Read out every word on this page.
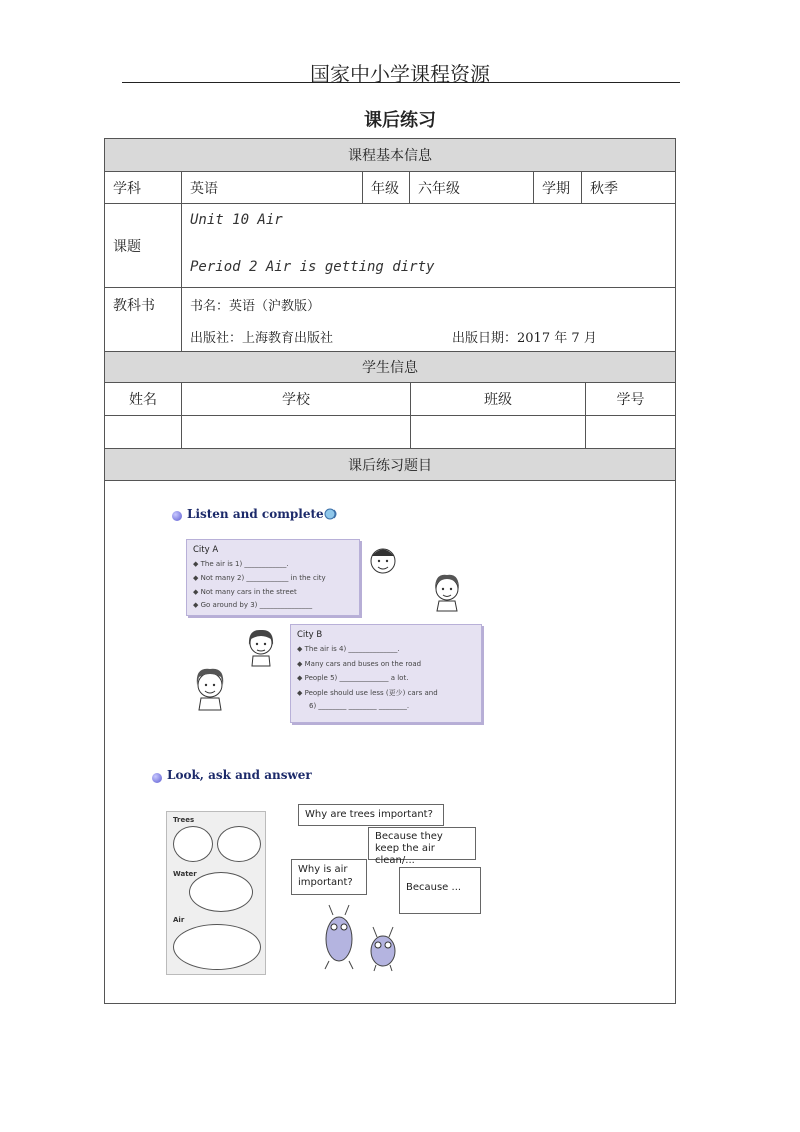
国家中小学课程资源
课后练习
课程基本信息
学科	英语	年级	六年级	学期	秋季
课题
Unit 10 Air
Period 2 Air is getting dirty
教科书	书名：英语（沪教版）
出版社：上海教育出版社	出版日期：2017 年 7 月
学生信息
姓名	学校	班级	学号
课后练习题目
Listen and complete
City A
◆ The air is 1) ____________.
◆ Not many 2) ____________ in the city
◆ Not many cars in the street
◆ Go around by 3) _______________
City B
◆ The air is 4) ______________.
◆ Many cars and buses on the road
◆ People 5) ______________ a lot.
◆ People should use less (更少) cars and
6) ________ ________ ________.
Look, ask and answer
Trees
Water
Air
Why are trees important?
Because they keep the air clean/...
Why is air important?	Because ...
